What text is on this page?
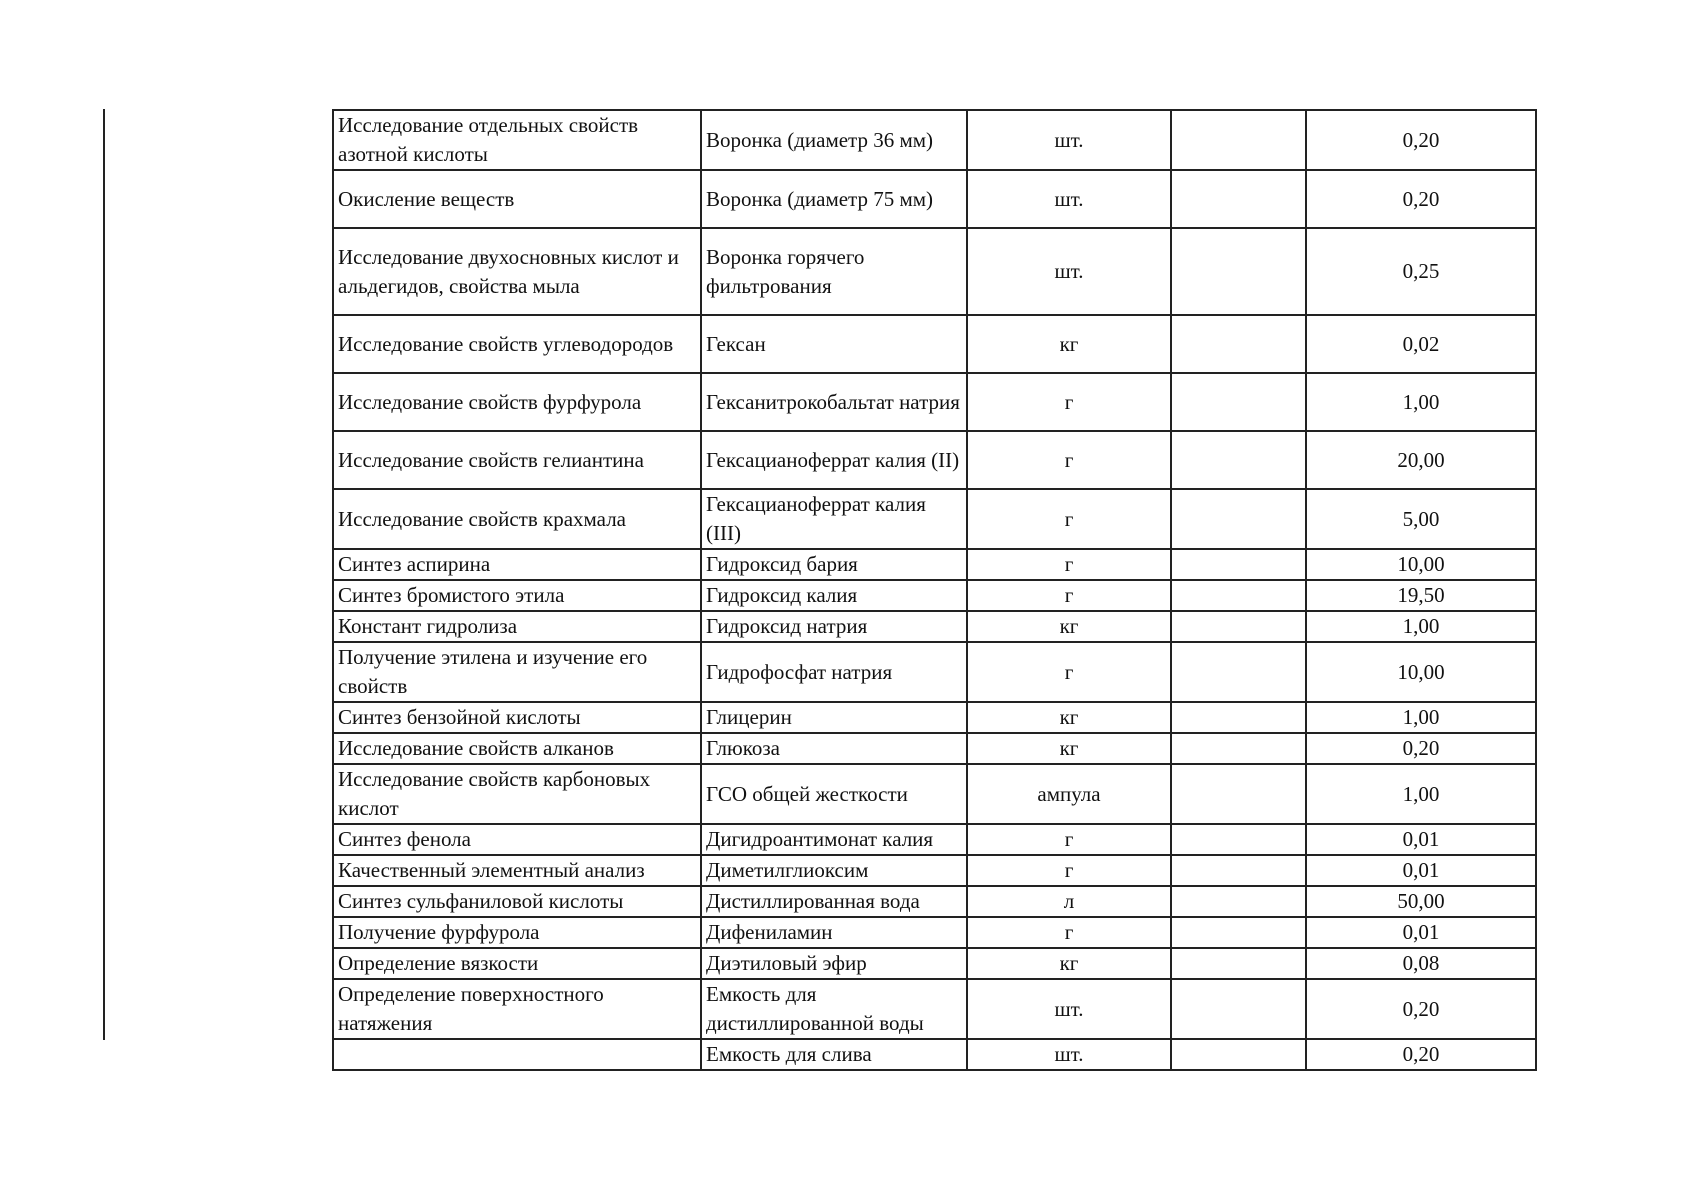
Исследование отдельных свойств азотной кислоты	Воронка (диаметр 36 мм)	шт.		0,20
Окисление веществ	Воронка (диаметр 75 мм)	шт.		0,20
Исследование двухосновных кислот и альдегидов, свойства мыла	Воронка горячего фильтрования	шт.		0,25
Исследование свойств углеводородов	Гексан	кг		0,02
Исследование свойств фурфурола	Гексанитрокобальтат натрия	г		1,00
Исследование свойств гелиантина	Гексацианоферрат калия (II)	г		20,00
Исследование свойств крахмала	Гексацианоферрат калия (III)	г		5,00
Синтез аспирина	Гидроксид бария	г		10,00
Синтез бромистого этила	Гидроксид калия	г		19,50
Констант гидролиза	Гидроксид натрия	кг		1,00
Получение этилена и изучение его свойств	Гидрофосфат натрия	г		10,00
Синтез бензойной кислоты	Глицерин	кг		1,00
Исследование свойств алканов	Глюкоза	кг		0,20
Исследование свойств карбоновых кислот	ГСО общей жесткости	ампула		1,00
Синтез фенола	Дигидроантимонат калия	г		0,01
Качественный элементный анализ	Диметилглиоксим	г		0,01
Синтез сульфаниловой кислоты	Дистиллированная вода	л		50,00
Получение фурфурола	Дифениламин	г		0,01
Определение вязкости	Диэтиловый эфир	кг		0,08
Определение поверхностного натяжения	Емкость для дистиллированной воды	шт.		0,20
	Емкость для слива	шт.		0,20
